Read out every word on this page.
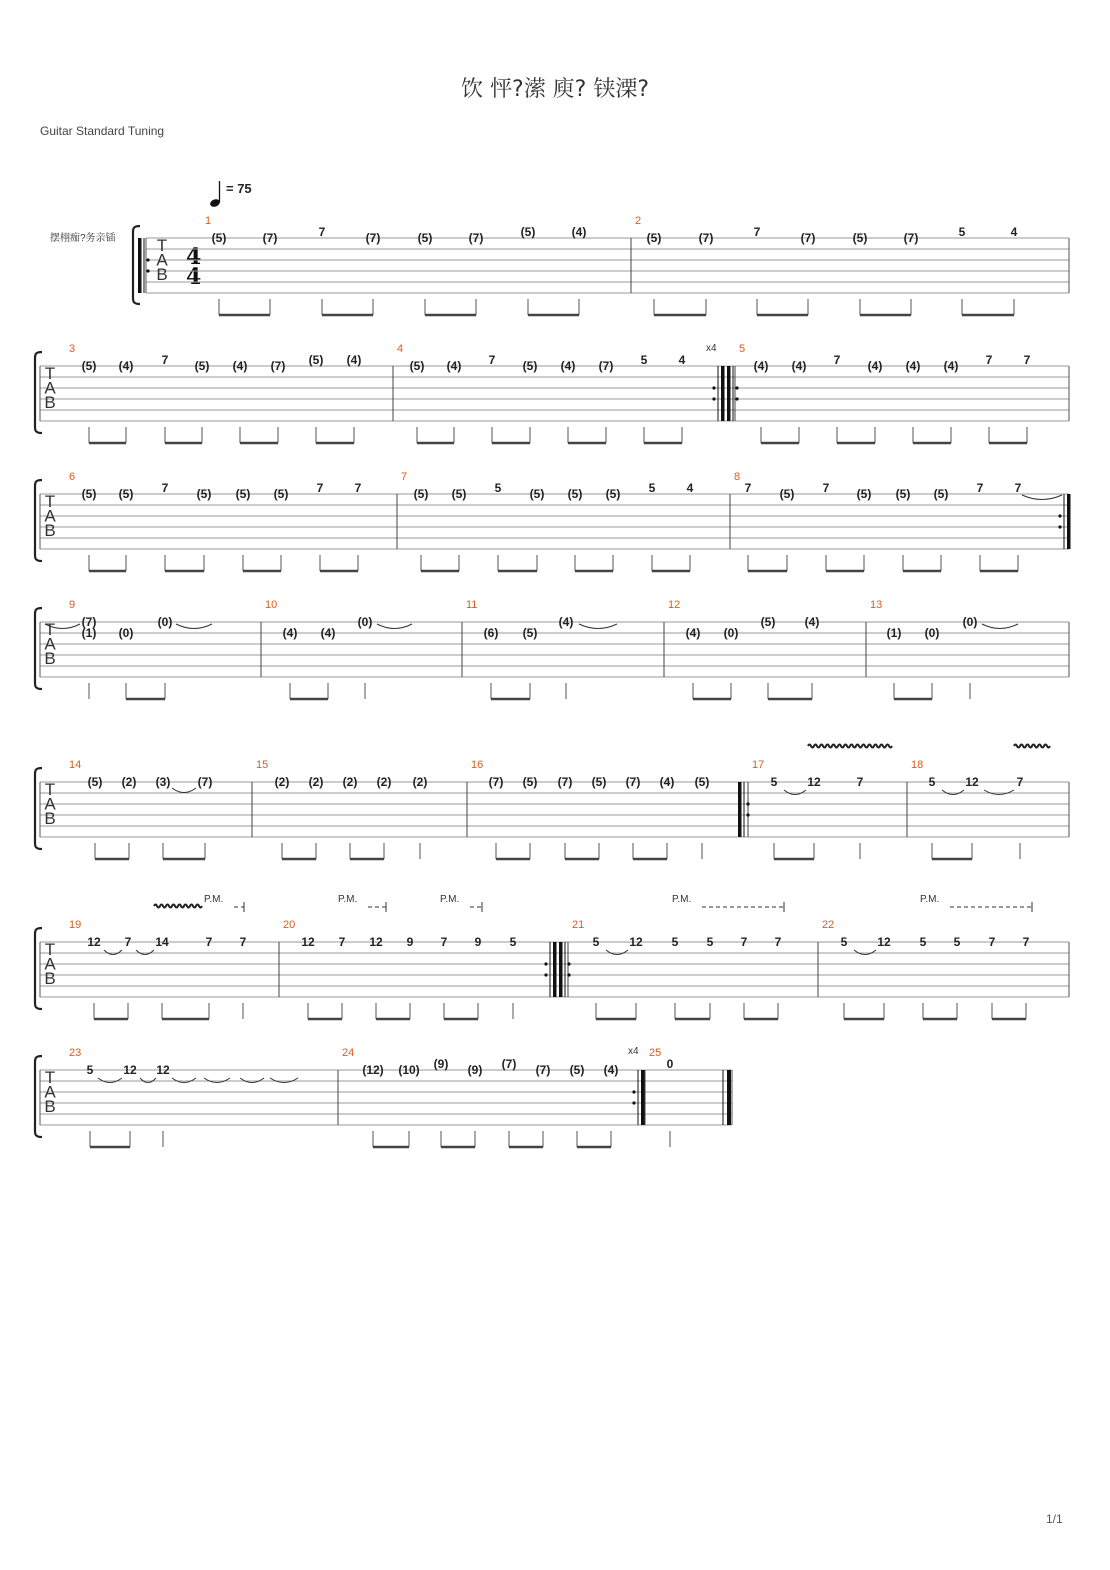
饮 怦?潆 庾? 铗溧?
Guitar Standard Tuning
1/1
摆栩痂?务亲锸
= 75
4
4
T
A
B
1
(5)	(7)	7	(7)	(5)	(7)	(5)	(4)
2
(5)	(7)	7	(7)	(5)	(7)	5	4
T
A
B
3
(5) (4) 7 (5) (4) (7) (5) (4)
4
(5) (4) 7 (5) (4) (7) 5	4
5
(4) (4) 7 (4) (4) (4) 7	7
T
A
B
6
(5) (5) 7 (5) (5) (5) 7	7
7
(5) (5) 5 (5) (5) (5) 5	4
8
7 (5) 7 (5) (5) (5) 7	7
T
A
B
9
(7)
(1) (0)
(0)
10
(4) (4)
(0)
11
(6) (5)
(4)
12
(4) (0)
(5) (4)
13
(1) (0)
(0)
T
A
B
14
(5) (2) (3) (7)
15
(2) (2) (2) (2) (2)
16
(7) (5) (7) (5) (7) (4) (5)
17
5 12	7
18
5 12	7
T
A
B
19
12 7 14	7 7
20
12 7 12 9 7 9 5
21
5 12 5 5 7 7
22
5 12 5 5 7 7
T
A
B
23
5 12 12
24
(12) (10) (9) (9) (7) (7) (5) (4)
25
0
x4
x4
P.M.	P.M.	P.M.	P.M.	P.M.
